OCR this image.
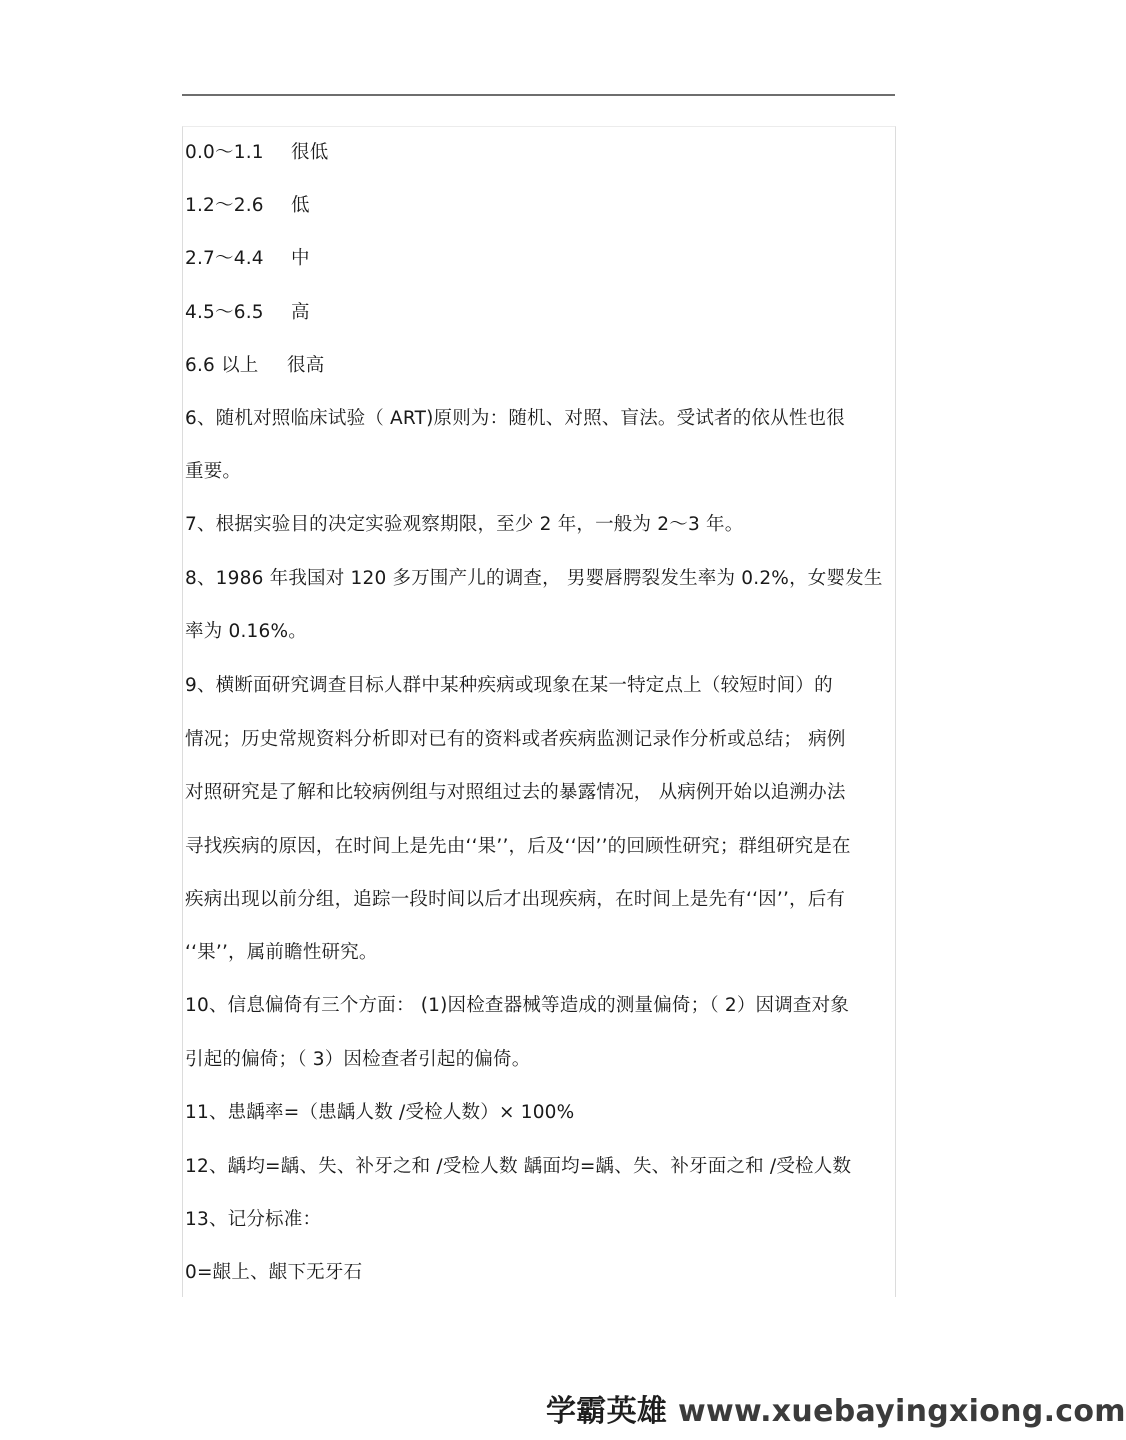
0.0～1.1 很低
1.2～2.6 低
2.7～4.4 中
4.5～6.5 高
6.6 以上 很高
6、随机对照临床试验（ ART)原则为：随机、对照、盲法。受试者的依从性也很
重要。
7、根据实验目的决定实验观察期限，至少 2 年，一般为 2～3 年。
8、1986 年我国对 120 多万围产儿的调查， 男婴唇腭裂发生率为 0.2%，女婴发生
率为 0.16%。
9、横断面研究调查目标人群中某种疾病或现象在某一特定点上（较短时间）的
情况；历史常规资料分析即对已有的资料或者疾病监测记录作分析或总结； 病例
对照研究是了解和比较病例组与对照组过去的暴露情况， 从病例开始以追溯办法
寻找疾病的原因，在时间上是先由‘‘果’’，后及‘‘因’’的回顾性研究；群组研究是在
疾病出现以前分组，追踪一段时间以后才出现疾病，在时间上是先有‘‘因’’，后有
‘‘果’’，属前瞻性研究。
10、信息偏倚有三个方面： (1)因检查器械等造成的测量偏倚；（ 2）因调查对象
引起的偏倚；（ 3）因检查者引起的偏倚。
11、患龋率=（患龋人数 /受检人数）× 100%
12、龋均=龋、失、补牙之和 /受检人数 龋面均=龋、失、补牙面之和 /受检人数
13、记分标准：
0=龈上、龈下无牙石
学霸英雄 www.xuebayingxiong.com
